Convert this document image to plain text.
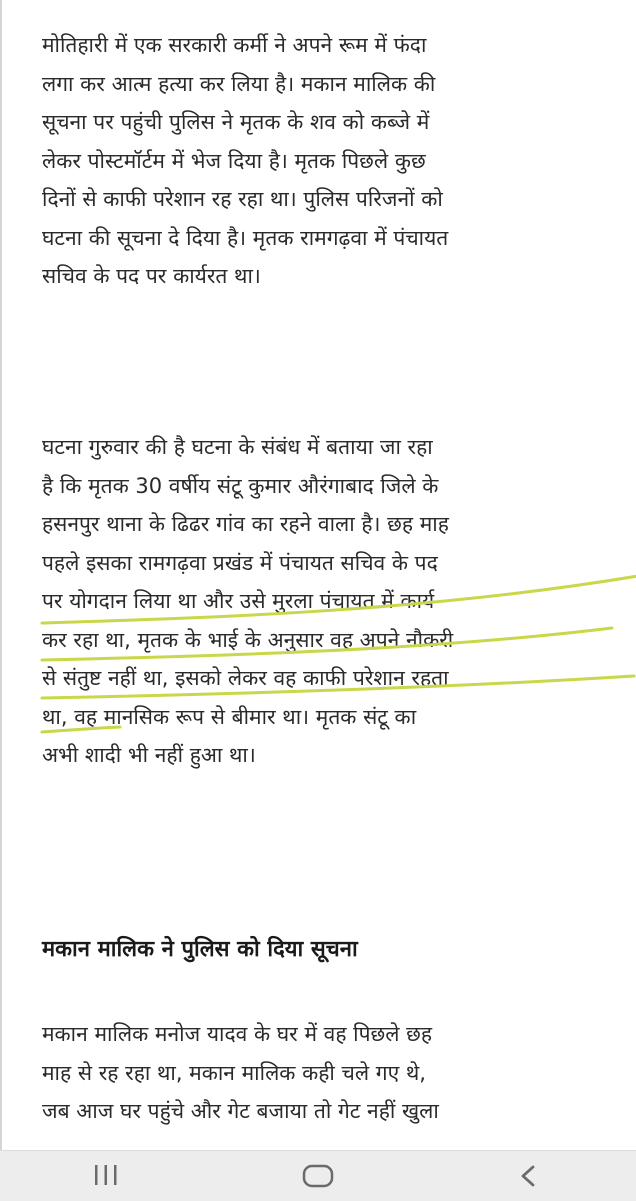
मोतिहारी में एक सरकारी कर्मी ने अपने रूम में फंदा
लगा कर आत्म हत्या कर लिया है। मकान मालिक की
सूचना पर पहुंची पुलिस ने मृतक के शव को कब्जे में
लेकर पोस्टमॉर्टम में भेज दिया है। मृतक पिछले कुछ
दिनों से काफी परेशान रह रहा था। पुलिस परिजनों को
घटना की सूचना दे दिया है। मृतक रामगढ़वा में पंचायत
सचिव के पद पर कार्यरत था।
घटना गुरुवार की है घटना के संबंध में बताया जा रहा
है कि मृतक 30 वर्षीय संटू कुमार औरंगाबाद जिले के
हसनपुर थाना के ढिढर गांव का रहने वाला है। छह माह
पहले इसका रामगढ़वा प्रखंड में पंचायत सचिव के पद
पर योगदान लिया था और उसे मुरला पंचायत में कार्य
कर रहा था, मृतक के भाई के अनुसार वह अपने नौकरी
से संतुष्ट नहीं था, इसको लेकर वह काफी परेशान रहता
था, वह मानसिक रूप से बीमार था। मृतक संटू का
अभी शादी भी नहीं हुआ था।
मकान मालिक ने पुलिस को दिया सूचना
मकान मालिक मनोज यादव के घर में वह पिछले छह
माह से रह रहा था, मकान मालिक कही चले गए थे,
जब आज घर पहुंचे और गेट बजाया तो गेट नहीं खुला
